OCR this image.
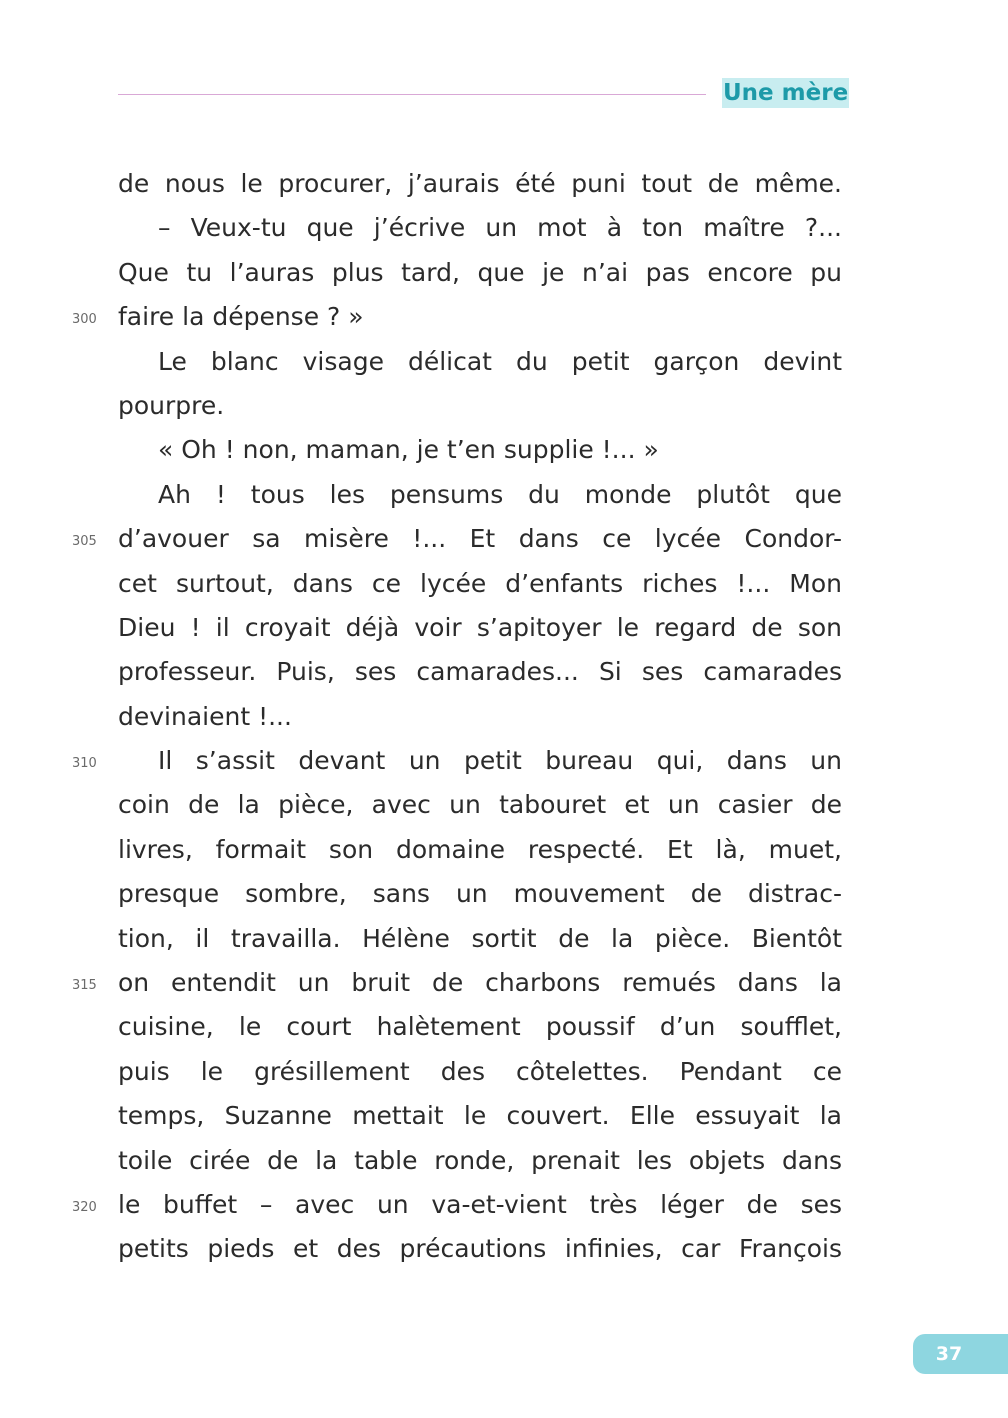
Une mère
300
305
310
315
320
de nous le procurer, j’aurais été puni tout de même.
– Veux-tu que j’écrive un mot à ton maître ?...
Que tu l’auras plus tard, que je n’ai pas encore pu
faire la dépense ? »
Le blanc visage délicat du petit garçon devint
pourpre.
« Oh ! non, maman, je t’en supplie !... »
Ah ! tous les pensums du monde plutôt que
d’avouer sa misère !... Et dans ce lycée Condor-
cet surtout, dans ce lycée d’enfants riches !... Mon
Dieu ! il croyait déjà voir s’apitoyer le regard de son
professeur. Puis, ses camarades... Si ses camarades
devinaient !...
Il s’assit devant un petit bureau qui, dans un
coin de la pièce, avec un tabouret et un casier de
livres, formait son domaine respecté. Et là, muet,
presque sombre, sans un mouvement de distrac-
tion, il travailla. Hélène sortit de la pièce. Bientôt
on entendit un bruit de charbons remués dans la
cuisine, le court halètement poussif d’un soufflet,
puis le grésillement des côtelettes. Pendant ce
temps, Suzanne mettait le couvert. Elle essuyait la
toile cirée de la table ronde, prenait les objets dans
le buffet – avec un va-et-vient très léger de ses
petits pieds et des précautions infinies, car François
37
